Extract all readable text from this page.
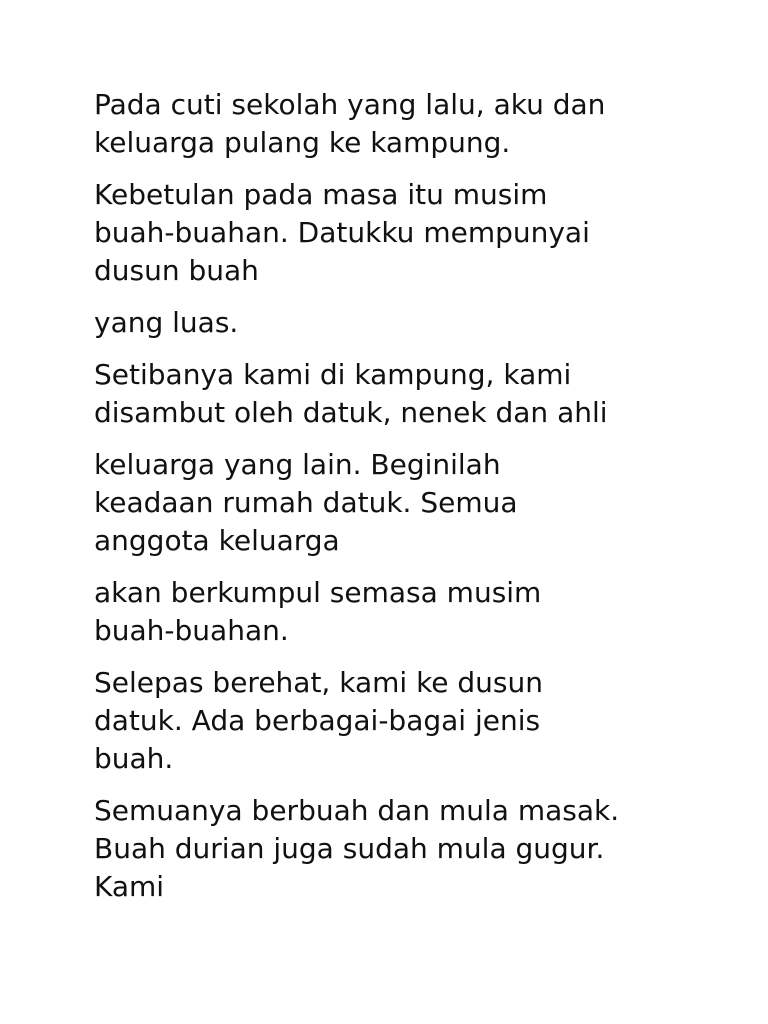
Pada cuti sekolah yang lalu, aku dan
keluarga pulang ke kampung.

Kebetulan pada masa itu musim
buah-buahan. Datukku mempunyai
dusun buah

yang luas.

Setibanya kami di kampung, kami
disambut oleh datuk, nenek dan ahli

keluarga yang lain. Beginilah
keadaan rumah datuk. Semua
anggota keluarga

akan berkumpul semasa musim
buah-buahan.

Selepas berehat, kami ke dusun
datuk. Ada berbagai-bagai jenis
buah.

Semuanya berbuah dan mula masak.
Buah durian juga sudah mula gugur.
Kami
